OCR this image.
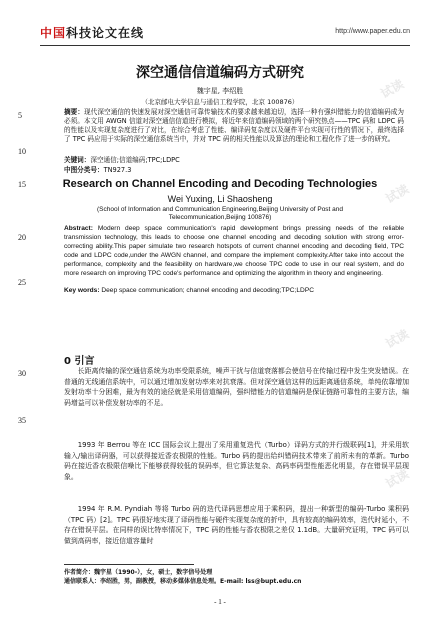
试读
试读
试读
试读
中国科技论文在线	http://www.paper.edu.cn
深空通信信道编码方式研究
魏宇星, 李绍胜
（北京邮电大学信息与通信工程学院，北京 100876）
5
10
15
20
25
30
35
摘要：现代深空通信的快速发展对深空通信可靠传输技术的要求越来越迫切，选择一种有强纠错能力的信道编码成为必须。本文用 AWGN 信道对深空通信信道进行模拟，将近年来信道编码领域的两个研究热点——TPC 码和 LDPC 码的性能以及实现复杂度进行了对比，在综合考虑了性能、编译码复杂度以及硬件平台实现可行性的情况下，最终选择了 TPC 码应用于实际的深空通信系统当中，并对 TPC 码的相关性能以及算法的理论和工程化作了进一步的研究。
关键词：深空通信;信道编码;TPC;LDPC
中图分类号：TN927.3
Research on Channel Encoding and Decoding Technologies
Wei Yuxing, Li Shaosheng
(School of Information and Communication Engineering,Beijing University of Post and Telecommunication,Beijing 100876)
Abstract: Modern deep space communication's rapid development brings pressing needs of the reliable transmission technology, this leads to choose one channel encoding and decoding solution with strong error-correcting ability.This paper simulate two research hotspots of current channel encoding and decoding field, TPC code and LDPC code,under the AWGN channel, and compare the implement complexity.After take into accout the performance, complexity and the feasibility on hardware,we choose TPC code to use in our real system, and do more research on improving TPC code's performance and optimizing the algorithm in theory and engineering.
Key words: Deep space communication; channel encoding and decoding;TPC;LDPC
0 引言
长距离传输的深空通信系统为功率受限系统，噪声干扰与信道衰落都会使信号在传输过程中发生突发错误。在普通的无线通信系统中，可以通过增加发射功率来对抗衰落。但对深空通信这样的远距离通信系统，单纯依靠增加发射功率十分困难，最为有效的途径就是采用信道编码，强纠错能力的信道编码是保证链路可靠性的主要方法，编码增益可以补偿发射功率的不足。
1993 年 Berrou 等在 ICC 国际会议上提出了采用重复迭代（Turbo）译码方式的并行级联码[1]，并采用软输入/输出译码器，可以获得接近香农极限的性能。Turbo 码的提出给纠错码技术带来了前所未有的革新。Turbo 码在接近香农极限信噪比下能够获得较低的误码率，但它算法复杂、高码率码型性能恶化明显，存在错误平层现象。
1994 年 R.M. Pyndiah 等将 Turbo 码的迭代译码思想应用于乘积码，提出一种新型的编码-Turbo 乘积码（TPC 码）[2]。TPC 码很好地实现了译码性能与硬件实现复杂度的折中，具有较高的编码效率，迭代时延小，不存在错误平层。在同样的误比特率情况下，TPC 码的性能与香农极限之差仅 1.1dB。大量研究证明，TPC 码可以做到高码率，接近信道容量时
作者简介：魏宇星（1990-），女，硕士，数字信号处理
通信联系人：李绍胜，男，副教授，移动多媒体信息处理。E-mail: lss@bupt.edu.cn
- 1 -
